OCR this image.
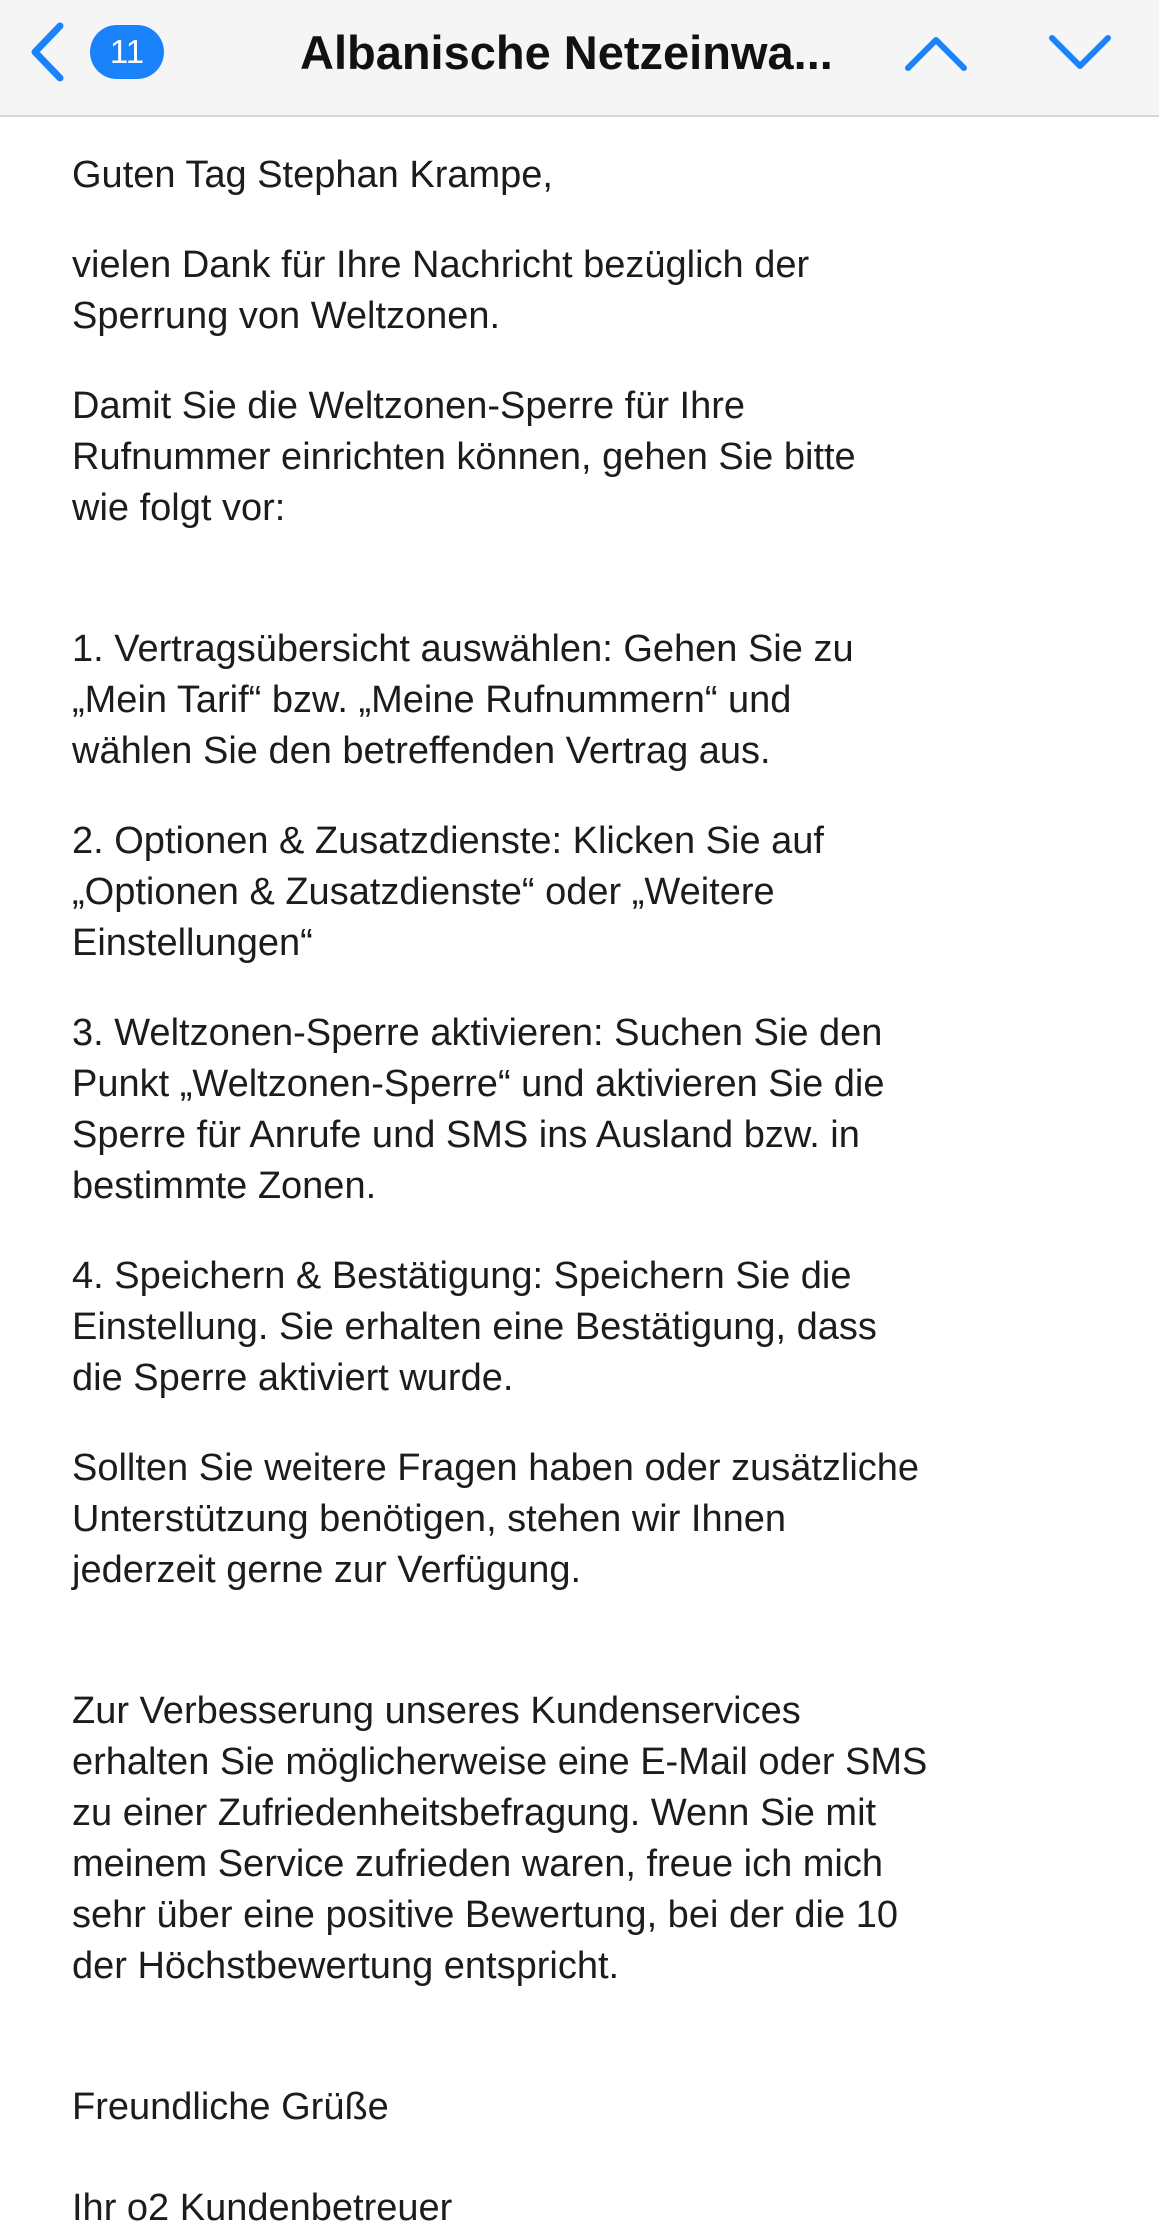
11	Albanische Netzeinwa...

Guten Tag Stephan Krampe,

vielen Dank für Ihre Nachricht bezüglich der
Sperrung von Weltzonen.

Damit Sie die Weltzonen-Sperre für Ihre
Rufnummer einrichten können, gehen Sie bitte
wie folgt vor:

1. Vertragsübersicht auswählen: Gehen Sie zu
„Mein Tarif“ bzw. „Meine Rufnummern“ und
wählen Sie den betreffenden Vertrag aus.

2. Optionen & Zusatzdienste: Klicken Sie auf
„Optionen & Zusatzdienste“ oder „Weitere
Einstellungen“

3. Weltzonen-Sperre aktivieren: Suchen Sie den
Punkt „Weltzonen-Sperre“ und aktivieren Sie die
Sperre für Anrufe und SMS ins Ausland bzw. in
bestimmte Zonen.

4. Speichern & Bestätigung: Speichern Sie die
Einstellung. Sie erhalten eine Bestätigung, dass
die Sperre aktiviert wurde.

Sollten Sie weitere Fragen haben oder zusätzliche
Unterstützung benötigen, stehen wir Ihnen
jederzeit gerne zur Verfügung.

Zur Verbesserung unseres Kundenservices
erhalten Sie möglicherweise eine E-Mail oder SMS
zu einer Zufriedenheitsbefragung. Wenn Sie mit
meinem Service zufrieden waren, freue ich mich
sehr über eine positive Bewertung, bei der die 10
der Höchstbewertung entspricht.

Freundliche Grüße

Ihr o2 Kundenbetreuer
